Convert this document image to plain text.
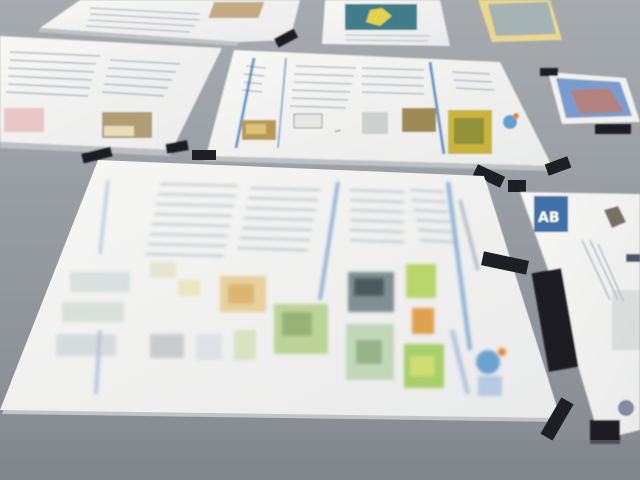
~
AB
